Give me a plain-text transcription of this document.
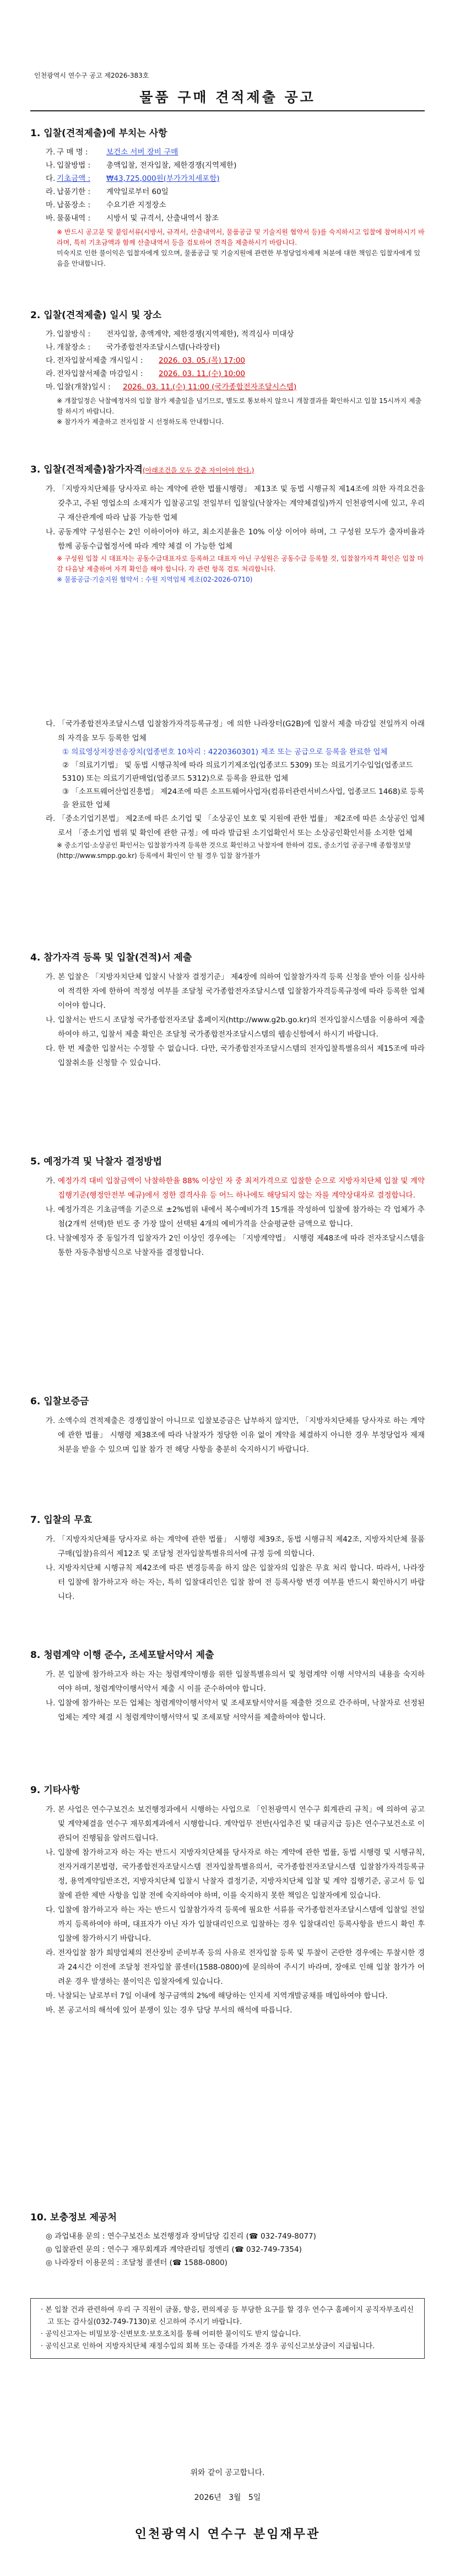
인천광역시 연수구 공고 제2026-383호
물품 구매 견적제출 공고
1. 입찰(견적제출)에 부치는 사항
가. 구 매 명 :	보건소 서버 장비 구매
나. 입찰방법 :	총액입찰, 전자입찰, 제한경쟁(지역제한)
다. 기초금액 :	₩43,725,000원(부가가치세포함)
라. 납품기한 :	계약일로부터 60일
마. 납품장소 :	수요기관 지정장소
바. 물품내역 :	시방서 및 규격서, 산출내역서 참조
※ 반드시 공고문 및 붙임서류(시방서, 규격서, 산출내역서, 물품공급 및 기술지원 협약서 등)를 숙지하시고 입찰에 참여하시기 바라며, 특히 기초금액과 함께 산출내역서 등을 검토하여 견적을 제출하시기 바랍니다.
미숙지로 인한 불이익은 입찰자에게 있으며, 물품공급 및 기술지원에 관련한 부정당업자제재 처분에 대한 책임은 입찰자에게 있음을 안내합니다.
2. 입찰(견적제출) 일시 및 장소
가. 입찰방식 :	전자입찰, 총액계약, 제한경쟁(지역제한), 적격심사 미대상
나. 개찰장소 :	국가종합전자조달시스템(나라장터)
다. 전자입찰서제출 개시일시 :	2026. 03. 05.(목) 17:00
라. 전자입찰서제출 마감일시 :	2026. 03. 11.(수) 10:00
마. 입찰(개찰)일시 :	2026. 03. 11.(수) 11:00 (국가종합전자조달시스템)
※ 개찰일정은 낙찰예정자의 입찰 참가 제출일을 넘기므로, 별도로 통보하지 않으니 개찰결과를 확인하시고 입찰 15시까지 제출할 하시기 바랍니다.
※ 참가자가 제출하고 전자입찰 시 선정하도록 안내합니다.
3. 입찰(견적제출)참가자격(아래조건을 모두 갖춘 자이어야 한다.)
가. 「지방자치단체를 당사자로 하는 계약에 관한 법률시행령」 제13조 및 동법 시행규칙 제14조에 의한 자격요건을 갖추고, 주된 영업소의 소재지가 입찰공고일 전일부터 입찰일(낙찰자는 계약체결일)까지 인천광역시에 있고, 우리 구 재산관계에 따라 납품 가능한 업체
나. 공동계약 구성원수는 2인 이하이어야 하고, 최소지분율은 10% 이상 이어야 하며, 그 구성원 모두가 출자비율과 함께 공동수급협정서에 따라 계약 체결 이 가능한 업체
※ 구성원 입찰 시 대표자는 공동수급대표자로 등록하고 대표자 아닌 구성원은 공동수급 등록할 것, 입찰참가자격 확인은 입찰 마감 다음날 제출하여 자격 확인을 해야 합니다. 각 관련 항목 검토 처리합니다.
※ 물품공급·기술지원 협약서 : 수원 지역업체 제조(02-2026-0710)
다. 「국가종합전자조달시스템 입찰참가자격등록규정」에 의한 나라장터(G2B)에 입찰서 제출 마감일 전일까지 아래의 자격을 모두 등록한 업체
① 의료영상저장전송장치(업종번호 10차리 : 4220360301) 제조 또는 공급으로 등록을 완료한 업체
② 「의료기기법」 및 동법 시행규칙에 따라 의료기기제조업(업종코드 5309) 또는 의료기기수입업(업종코드 5310) 또는 의료기기판매업(업종코드 5312)으로 등록을 완료한 업체
③ 「소프트웨어산업진흥법」 제24조에 따른 소프트웨어사업자(컴퓨터관련서비스사업, 업종코드 1468)로 등록을 완료한 업체
라. 「중소기업기본법」 제2조에 따른 소기업 및 「소상공인 보호 및 지원에 관한 법률」 제2조에 따른 소상공인 업체로서 「중소기업 범위 및 확인에 관한 규정」에 따라 발급된 소기업확인서 또는 소상공인확인서를 소지한 업체
※ 중소기업·소상공인 확인서는 입찰참가자격 등록한 것으로 확인하고 낙찰자에 한하여 검토, 중소기업 공공구매 종합정보망(http://www.smpp.go.kr) 등록에서 확인이 안 될 경우 입찰 참가불가
4. 참가자격 등록 및 입찰(견적)서 제출
가. 본 입찰은 「지방자치단체 입찰시 낙찰자 결정기준」 제4장에 의하여 입찰참가자격 등록 신청을 받아 이를 심사하여 적격한 자에 한하여 적정성 여부를 조달청 국가종합전자조달시스템 입찰참가자격등록규정에 따라 등록한 업체이어야 합니다.
나. 입찰서는 반드시 조달청 국가종합전자조달 홈페이지(http://www.g2b.go.kr)의 전자입찰시스템을 이용하여 제출하여야 하고, 입찰서 제출 확인은 조달청 국가종합전자조달시스템의 웹송신함에서 하시기 바랍니다.
다. 한 번 제출한 입찰서는 수정할 수 없습니다. 다만, 국가종합전자조달시스템의 전자입찰특별유의서 제15조에 따라 입찰취소를 신청할 수 있습니다.
5. 예정가격 및 낙찰자 결정방법
가. 예정가격 대비 입찰금액이 낙찰하한율 88% 이상인 자 중 최저가격으로 입찰한 순으로 지방자치단체 입찰 및 계약 집행기준(행정안전부 예규)에서 정한 결격사유 등 어느 하나에도 해당되지 않는 자를 계약상대자로 결정합니다.
나. 예정가격은 기초금액을 기준으로 ±2%범위 내에서 복수예비가격 15개를 작성하여 입찰에 참가하는 각 업체가 추첨(2개씩 선택)한 빈도 중 가장 많이 선택된 4개의 예비가격을 산술평균한 금액으로 합니다.
다. 낙찰예정자 중 동일가격 입찰자가 2인 이상인 경우에는 「지방계약법」 시행령 제48조에 따라 전자조달시스템을 통한 자동추첨방식으로 낙찰자를 결정합니다.
6. 입찰보증금
가. 소액수의 견적제출은 경쟁입찰이 아니므로 입찰보증금은 납부하지 않지만, 「지방자치단체를 당사자로 하는 계약에 관한 법률」 시행령 제38조에 따라 낙찰자가 정당한 이유 없이 계약을 체결하지 아니한 경우 부정당업자 제재 처분을 받을 수 있으며 입찰 참가 전 해당 사항을 충분히 숙지하시기 바랍니다.
7. 입찰의 무효
가. 「지방자치단체를 당사자로 하는 계약에 관한 법률」 시행령 제39조, 동법 시행규칙 제42조, 지방자치단체 물품구매(입찰)유의서 제12조 및 조달청 전자입찰특별유의서에 규정 등에 의합니다.
나. 지방자치단체 시행규칙 제42조에 따른 변경등록을 하지 않은 입찰자의 입찰은 무효 처리 합니다. 따라서, 나라장터 입찰에 참가하고자 하는 자는, 특히 입찰대리인은 입찰 참여 전 등록사항 변경 여부를 반드시 확인하시기 바랍니다.
8. 청렴계약 이행 준수, 조세포탈서약서 제출
가. 본 입찰에 참가하고자 하는 자는 청렴계약이행을 위한 입찰특별유의서 및 청렴계약 이행 서약서의 내용을 숙지하여야 하며, 청렴계약이행서약서 제출 시 이를 준수하여야 합니다.
나. 입찰에 참가하는 모든 업체는 청렴계약이행서약서 및 조세포탈서약서를 제출한 것으로 간주하며, 낙찰자로 선정된 업체는 계약 체결 시 청렴계약이행서약서 및 조세포탈 서약서를 제출하여야 합니다.
9. 기타사항
가. 본 사업은 연수구보건소 보건행정과에서 시행하는 사업으로 「인천광역시 연수구 회계관리 규칙」에 의하여 공고 및 계약체결을 연수구 재무회계과에서 시행합니다. 계약업무 전반(사업추진 및 대금지급 등)은 연수구보건소로 이관되어 진행됨을 알려드립니다.
나. 입찰에 참가하고자 하는 자는 반드시 지방자치단체를 당사자로 하는 계약에 관한 법률, 동법 시행령 및 시행규칙, 전자거래기본법령, 국가종합전자조달시스템 전자입찰특별유의서, 국가종합전자조달시스템 입찰참가자격등록규정, 용역계약일반조건, 지방자치단체 입찰시 낙찰자 결정기준, 지방자치단체 입찰 및 계약 집행기준, 공고서 등 입찰에 관한 제반 사항을 입찰 전에 숙지하여야 하며, 이를 숙지하지 못한 책임은 입찰자에게 있습니다.
다. 입찰에 참가하고자 하는 자는 반드시 입찰참가자격 등록에 필요한 서류를 국가종합전자조달시스템에 입찰일 전일까지 등록하여야 하며, 대표자가 아닌 자가 입찰대리인으로 입찰하는 경우 입찰대리인 등록사항을 반드시 확인 후 입찰에 참가하시기 바랍니다.
라. 전자입찰 참가 희망업체의 전산장비 준비부족 등의 사유로 전자입찰 등록 및 투찰이 곤란한 경우에는 투찰시한 경과 24시간 이전에 조달청 전자입찰 콜센터(1588-0800)에 문의하여 주시기 바라며, 장애로 인해 입찰 참가가 어려운 경우 발생하는 불이익은 입찰자에게 있습니다.
마. 낙찰되는 날로부터 7일 이내에 청구금액의 2%에 해당하는 인지세 지역개발공채를 매입하여야 합니다.
바. 본 공고서의 해석에 있어 분쟁이 있는 경우 담당 부서의 해석에 따릅니다.
10. 보충정보 제공처
◎ 과업내용 문의 : 연수구보건소 보건행정과 장비담당 김진리 (☎ 032-749-8077)
◎ 입찰관련 문의 : 연수구 재무회계과 계약관리팀 정엔리 (☎ 032-749-7354)
◎ 나라장터 이용문의 : 조달청 콜센터 (☎ 1588-0800)

· 본 입찰 건과 관련하여 우리 구 직원이 금품, 향응, 편의제공 등 부당한 요구를 할 경우 연수구 홈페이지 공직자부조리신고 또는 감사실(032-749-7130)로 신고하여 주시기 바랍니다.

· 공익신고자는 비밀보장·신변보호·보호조치를 통해 어떠한 불이익도 받지 않습니다.

· 공익신고로 인하여 지방자치단체 재정수입의 회복 또는 증대를 가져온 경우 공익신고보상금이 지급됩니다.

위와 같이 공고합니다.
2026년   3월   5일
인천광역시 연수구 분임재무관
